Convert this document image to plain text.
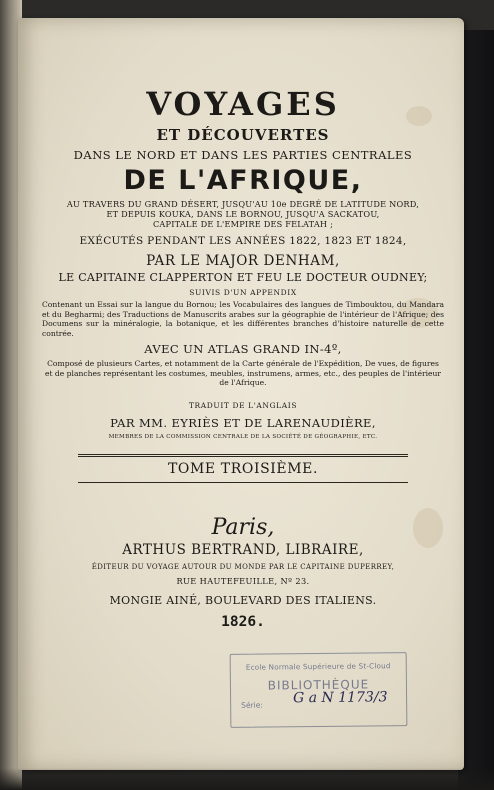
VOYAGES
ET DÉCOUVERTES
DANS LE NORD ET DANS LES PARTIES CENTRALES
DE L'AFRIQUE,
AU TRAVERS DU GRAND DÉSERT, JUSQU'AU 10e DEGRÉ DE LATITUDE NORD,
ET DEPUIS KOUKA, DANS LE BORNOU, JUSQU'A SACKATOU,
CAPITALE DE L'EMPIRE DES FELATAH ;
EXÉCUTÉS PENDANT LES ANNÉES 1822, 1823 ET 1824,
PAR LE MAJOR DENHAM,
LE CAPITAINE CLAPPERTON ET FEU LE DOCTEUR OUDNEY;
SUIVIS D'UN APPENDIX

Contenant un Essai sur la langue du Bornou; les Vocabulaires des langues de Timbouktou, du Mandara et du Begharmi; des Traductions de Manuscrits arabes sur la géographie de l'intérieur de l'Afrique; des Documens sur la minéralogie, la botanique, et les différentes branches d'histoire naturelle de cette contrée.

AVEC UN ATLAS GRAND IN-4º,
Composé de plusieurs Cartes, et notamment de la Carte générale de l'Expédition, De vues, de figures et de planches représentant les costumes, meubles, instrumens, armes, etc., des peuples de l'intérieur de l'Afrique.
TRADUIT DE L'ANGLAIS
PAR MM. EYRIÈS ET DE LARENAUDIÈRE,
MEMBRES DE LA COMMISSION CENTRALE DE LA SOCIÉTÉ DE GÉOGRAPHIE, ETC.
TOME TROISIÈME.
Paris,
ARTHUS BERTRAND, LIBRAIRE,
ÉDITEUR DU VOYAGE AUTOUR DU MONDE PAR LE CAPITAINE DUPERREY,
RUE HAUTEFEUILLE, Nº 23.
MONGIE AINÉ, BOULEVARD DES ITALIENS.
1826.
Ecole Normale Supérieure de St-Cloud
BIBLIOTHÈQUE
Série: G a N 1173/3
